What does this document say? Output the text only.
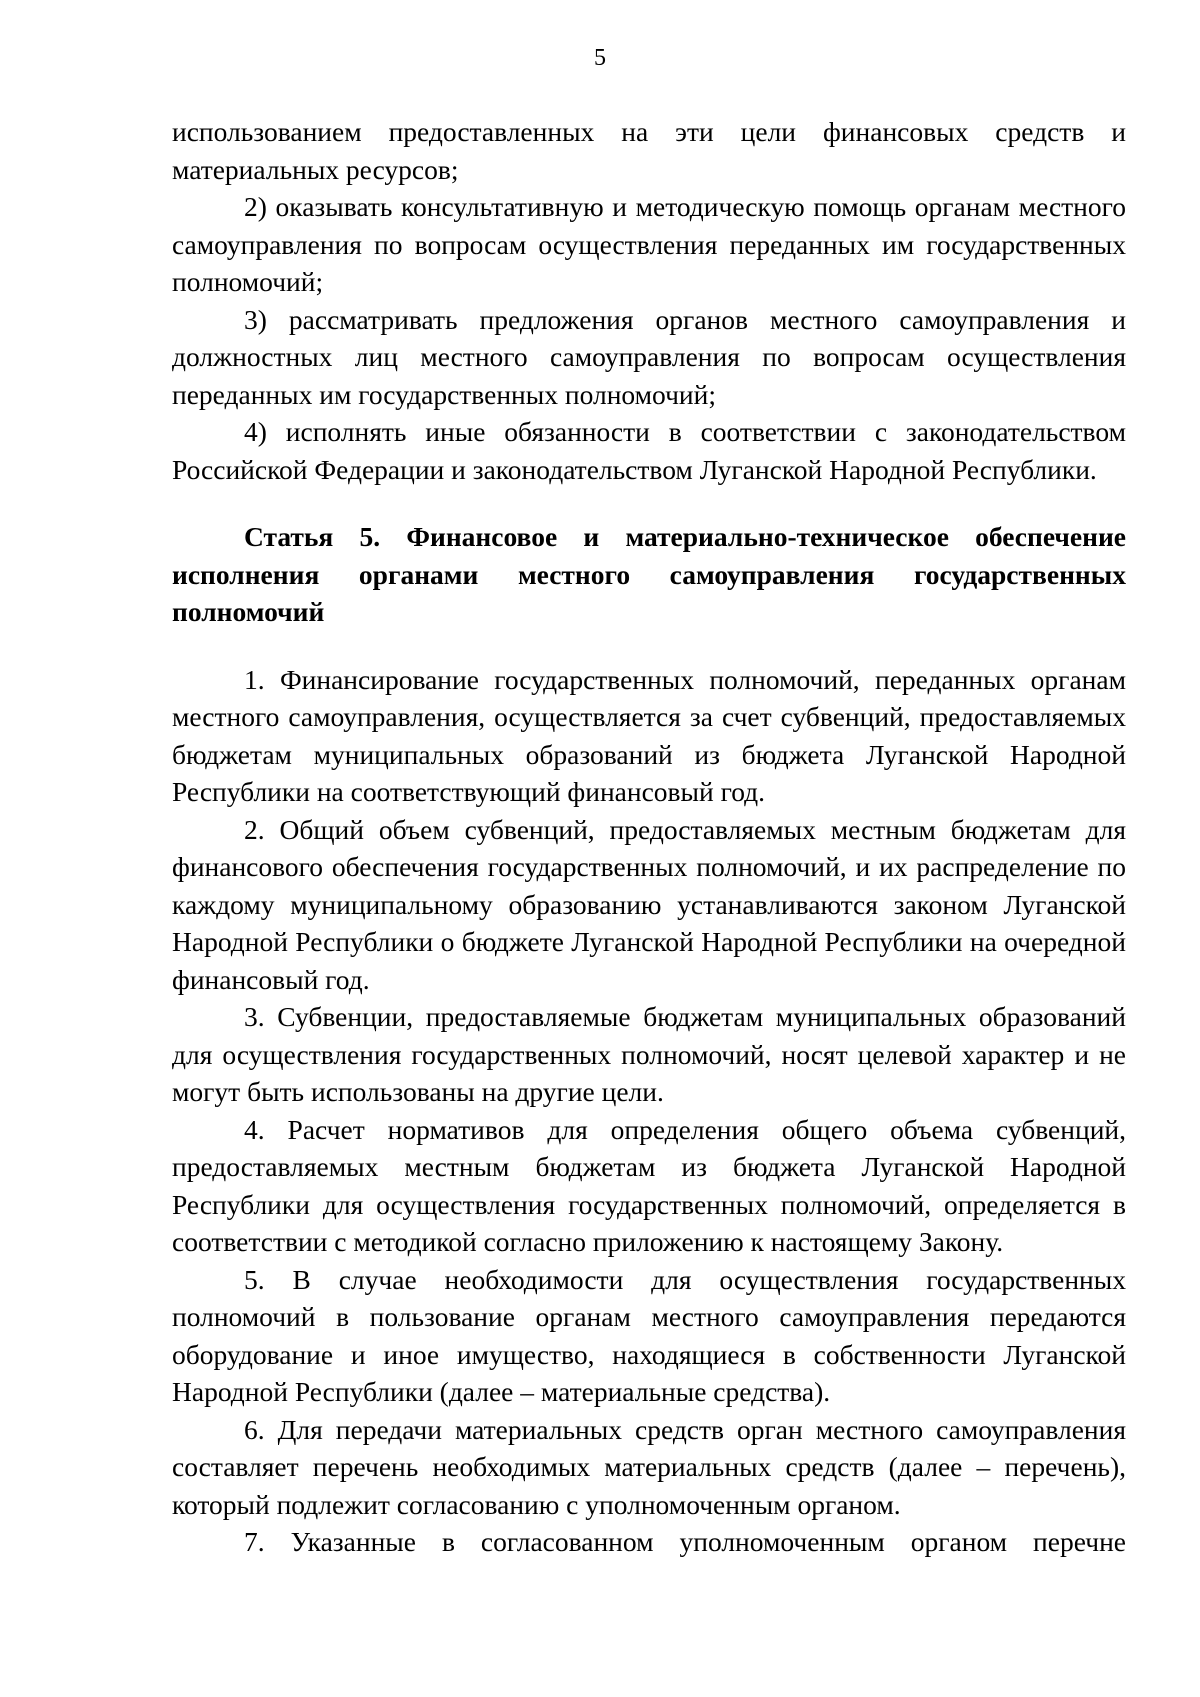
5

использованием предоставленных на эти цели финансовых средств и материальных ресурсов;

2) оказывать консультативную и методическую помощь органам местного самоуправления по вопросам осуществления переданных им государственных полномочий;

3) рассматривать предложения органов местного самоуправления и должностных лиц местного самоуправления по вопросам осуществления переданных им государственных полномочий;

4) исполнять иные обязанности в соответствии с законодательством Российской Федерации и законодательством Луганской Народной Республики.

Статья 5. Финансовое и материально-техническое обеспечение исполнения органами местного самоуправления государственных полномочий

1. Финансирование государственных полномочий, переданных органам местного самоуправления, осуществляется за счет субвенций, предоставляемых бюджетам муниципальных образований из бюджета Луганской Народной Республики на соответствующий финансовый год.

2. Общий объем субвенций, предоставляемых местным бюджетам для финансового обеспечения государственных полномочий, и их распределение по каждому муниципальному образованию устанавливаются законом Луганской Народной Республики о бюджете Луганской Народной Республики на очередной финансовый год.

3. Субвенции, предоставляемые бюджетам муниципальных образований для осуществления государственных полномочий, носят целевой характер и не могут быть использованы на другие цели.

4. Расчет нормативов для определения общего объема субвенций, предоставляемых местным бюджетам из бюджета Луганской Народной Республики для осуществления государственных полномочий, определяется в соответствии с методикой согласно приложению к настоящему Закону.

5. В случае необходимости для осуществления государственных полномочий в пользование органам местного самоуправления передаются оборудование и иное имущество, находящиеся в собственности Луганской Народной Республики (далее – материальные средства).

6. Для передачи материальных средств орган местного самоуправления составляет перечень необходимых материальных средств (далее – перечень), который подлежит согласованию с уполномоченным органом.

7. Указанные в согласованном уполномоченным органом перечне
